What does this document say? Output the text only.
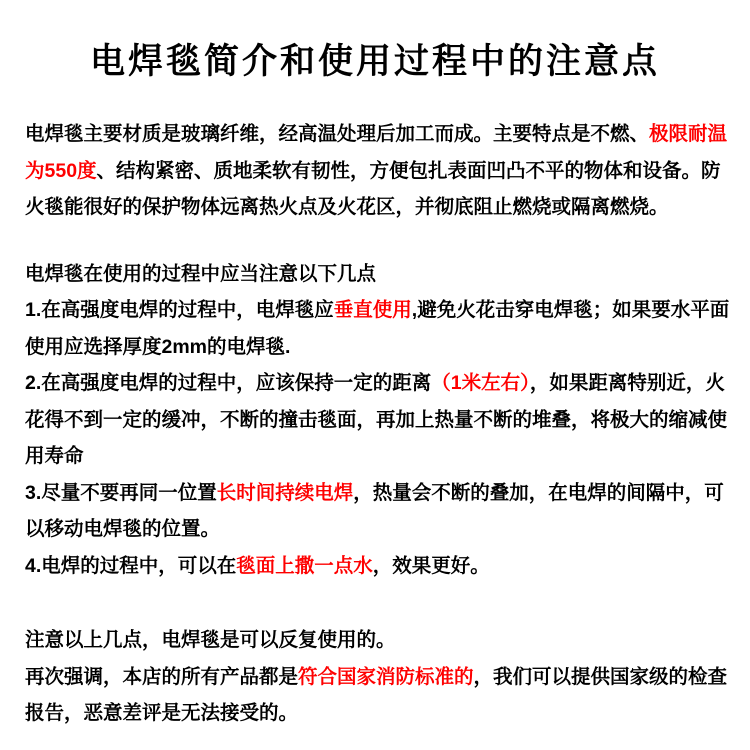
电焊毯简介和使用过程中的注意点

电焊毯主要材质是玻璃纤维，经高温处理后加工而成。主要特点是不燃、极限耐温为550度、结构紧密、质地柔软有韧性，方便包扎表面凹凸不平的物体和设备。防火毯能很好的保护物体远离热火点及火花区，并彻底阻止燃烧或隔离燃烧。

电焊毯在使用的过程中应当注意以下几点

1.在高强度电焊的过程中，电焊毯应垂直使用,避免火花击穿电焊毯；如果要水平面使用应选择厚度2mm的电焊毯.

2.在高强度电焊的过程中，应该保持一定的距离（1米左右），如果距离特别近，火花得不到一定的缓冲，不断的撞击毯面，再加上热量不断的堆叠，将极大的缩减使用寿命

3.尽量不要再同一位置长时间持续电焊，热量会不断的叠加，在电焊的间隔中，可以移动电焊毯的位置。

4.电焊的过程中，可以在毯面上撒一点水，效果更好。

注意以上几点，电焊毯是可以反复使用的。

再次强调，本店的所有产品都是符合国家消防标准的，我们可以提供国家级的检查报告，恶意差评是无法接受的。
